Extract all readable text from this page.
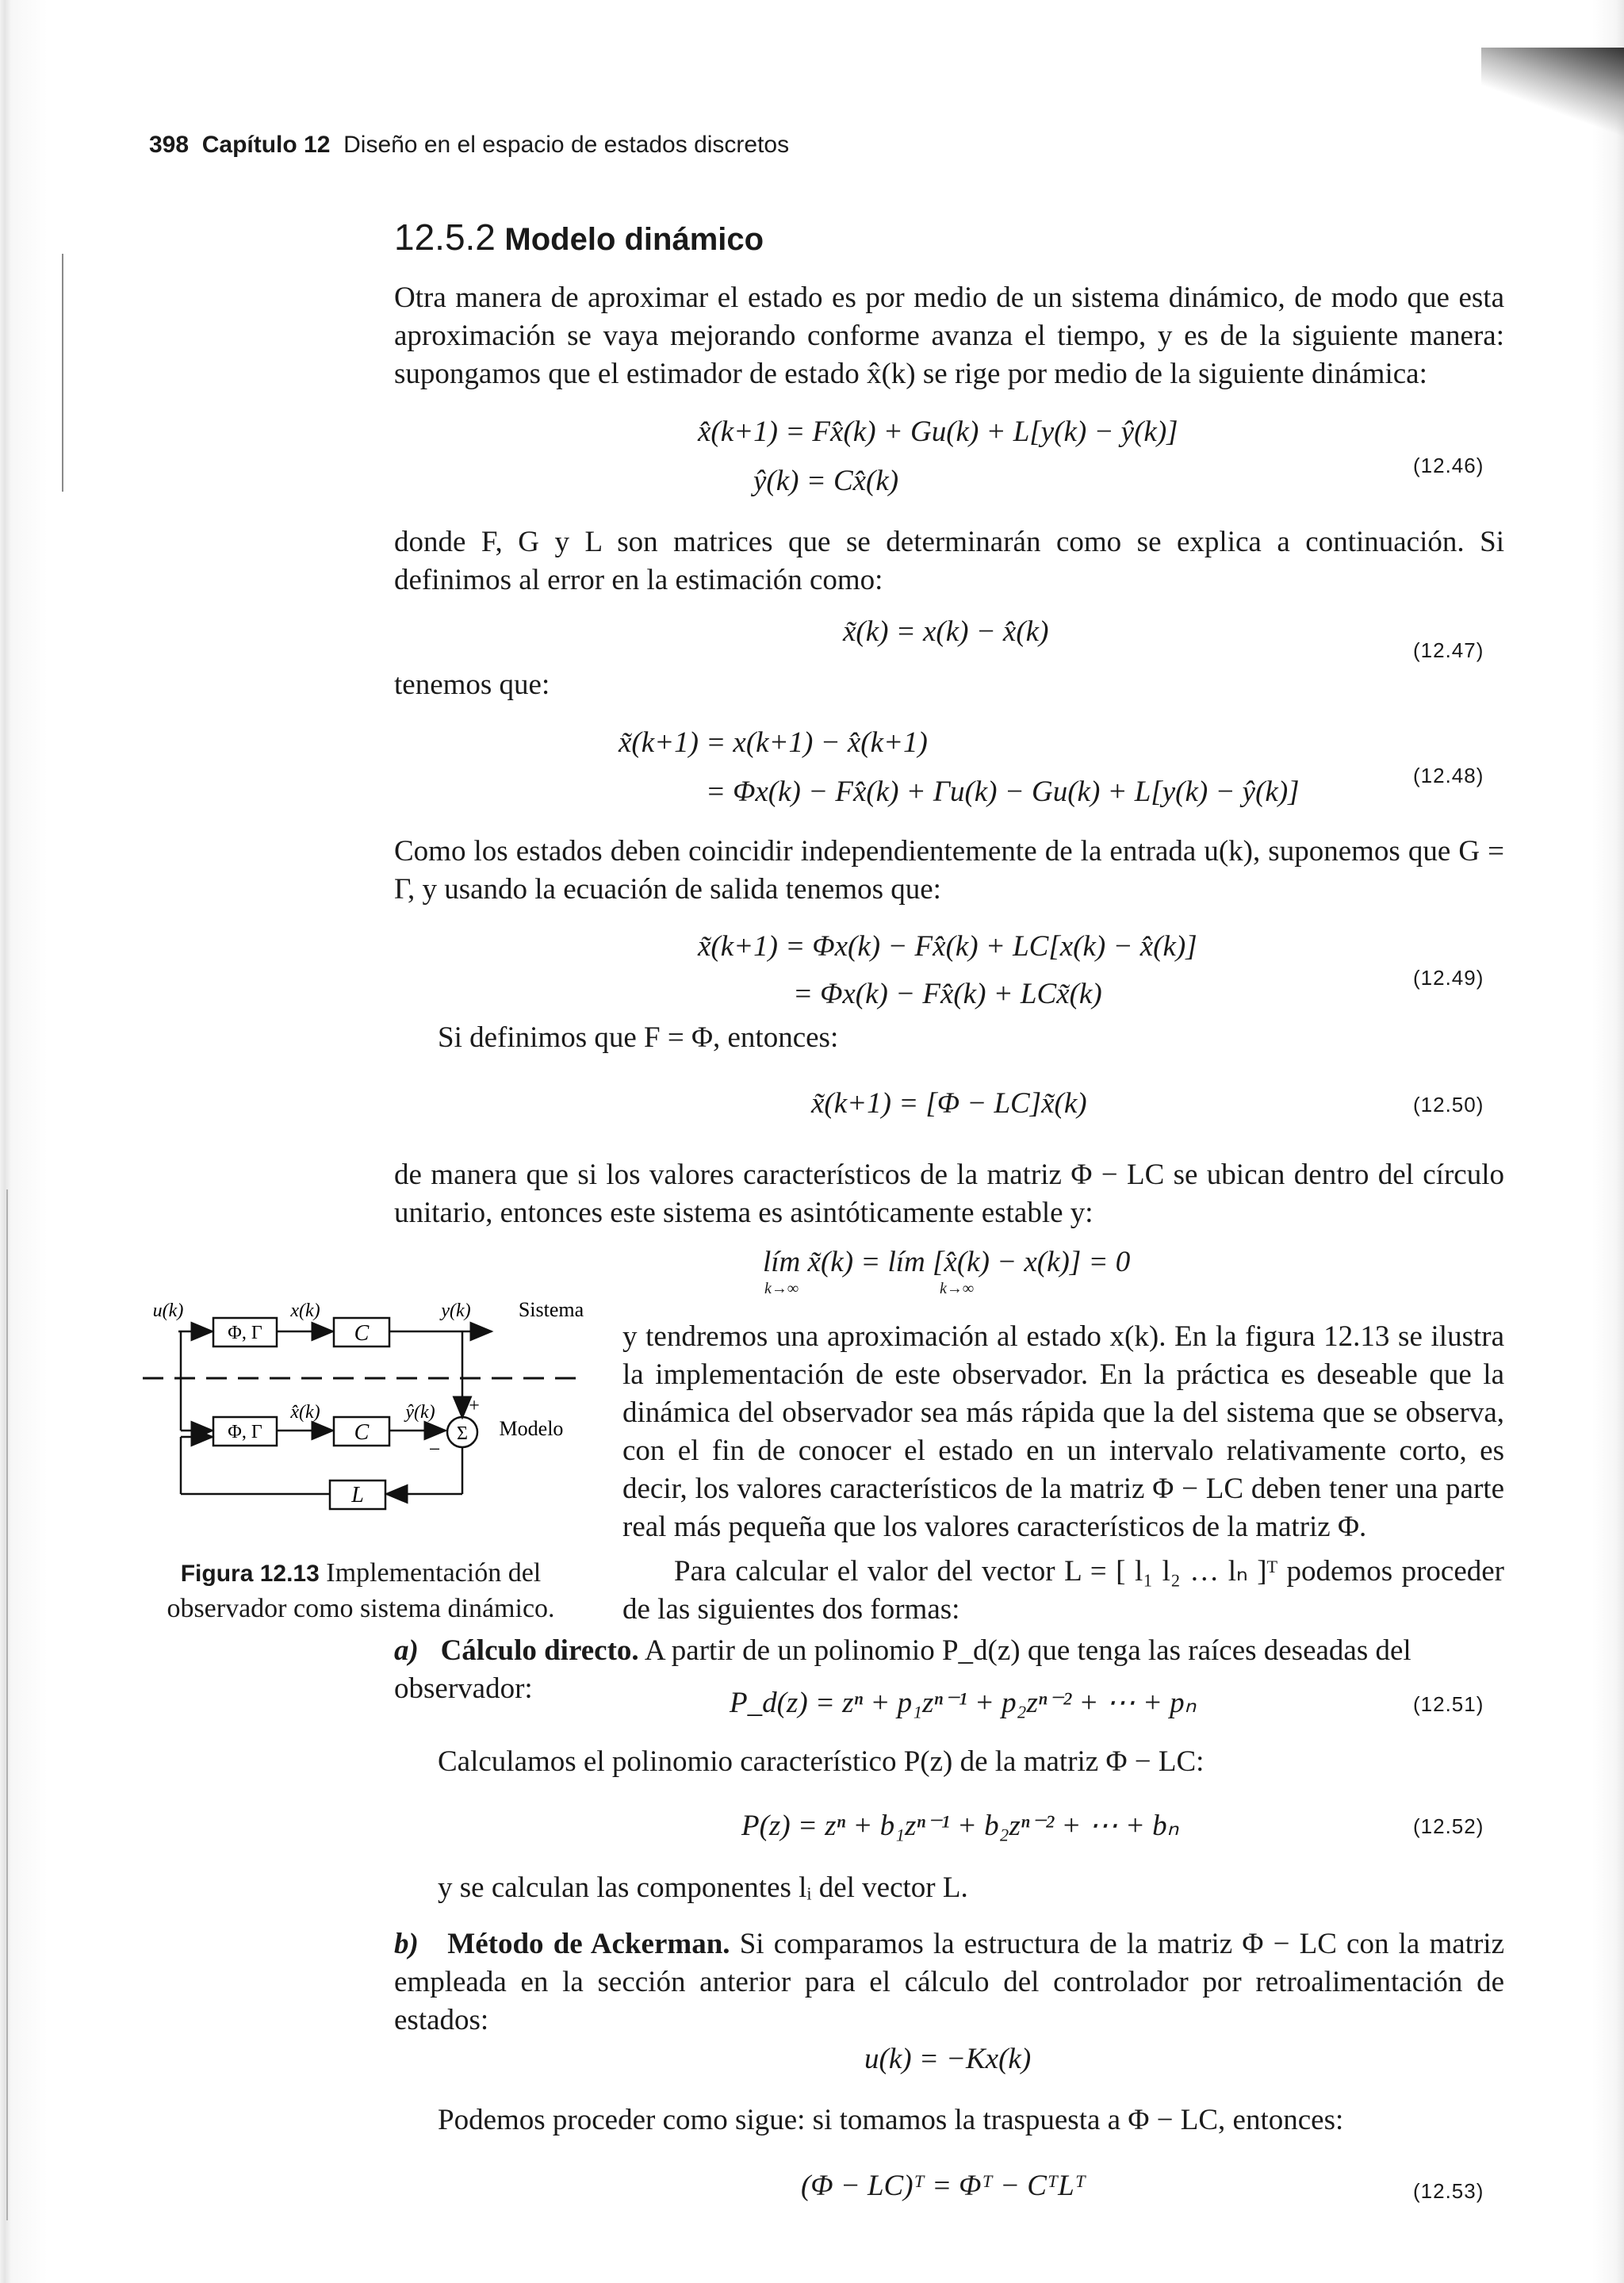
398 Capítulo 12 Diseño en el espacio de estados discretos
12.5.2 Modelo dinámico
Otra manera de aproximar el estado es por medio de un sistema dinámico, de modo que esta aproximación se vaya mejorando conforme avanza el tiempo, y es de la siguiente manera: supongamos que el estimador de estado x̂(k) se rige por medio de la siguiente dinámica:
x̂(k+1) = Fx̂(k) + Gu(k) + L[y(k) − ŷ(k)]
ŷ(k) = Cx̂(k)	(12.46)
donde F, G y L son matrices que se determinarán como se explica a continuación. Si definimos al error en la estimación como:
x̃(k) = x(k) − x̂(k)
(12.47)
tenemos que:
x̃(k+1) = x(k+1) − x̂(k+1)
= Φx(k) − Fx̂(k) + Γu(k) − Gu(k) + L[y(k) − ŷ(k)]	(12.48)
Como los estados deben coincidir independientemente de la entrada u(k), suponemos que G = Γ, y usando la ecuación de salida tenemos que:
x̃(k+1) = Φx(k) − Fx̂(k) + LC[x(k) − x̂(k)]
= Φx(k) − Fx̂(k) + LCx̃(k)	(12.49)
Si definimos que F = Φ, entonces:
x̃(k+1) = [Φ − LC]x̃(k)	(12.50)
de manera que si los valores característicos de la matriz Φ − LC se ubican dentro del círculo unitario, entonces este sistema es asintóticamente estable y:
lím x̃(k) = lím [x̂(k) − x(k)] = 0
k→∞	k→∞
Φ, Γ	C
u(k)	x(k)	y(k) Sistema
Φ, Γ	C
x̂(k)	ŷ(k)
Σ
+
−
Modelo
L
Figura 12.13 Implementación del
observador como sistema dinámico.
y tendremos una aproximación al estado x(k). En la figura 12.13 se ilustra la implementación de este observador. En la práctica es deseable que la dinámica del observador sea más rápida que la del sistema que se observa, con el fin de conocer el estado en un intervalo relativamente corto, es decir, los valores característicos de la matriz Φ − LC deben tener una parte real más pequeña que los valores característicos de la matriz Φ.
Para calcular el valor del vector L = [ l₁ l₂ … lₙ ]ᵀ podemos proceder de las siguientes dos formas:
a) Cálculo directo. A partir de un polinomio P_d(z) que tenga las raíces deseadas del observador:	P_d(z) = zⁿ + p₁zⁿ⁻¹ + p₂zⁿ⁻² + ⋯ + pₙ	(12.51)
Calculamos el polinomio característico P(z) de la matriz Φ − LC:
P(z) = zⁿ + b₁zⁿ⁻¹ + b₂zⁿ⁻² + ⋯ + bₙ	(12.52)
y se calculan las componentes lᵢ del vector L.
b) Método de Ackerman. Si comparamos la estructura de la matriz Φ − LC con la matriz empleada en la sección anterior para el cálculo del controlador por retroalimentación de estados:
u(k) = −Kx(k)
Podemos proceder como sigue: si tomamos la traspuesta a Φ − LC, entonces:
(Φ − LC)ᵀ = Φᵀ − CᵀLᵀ	(12.53)
